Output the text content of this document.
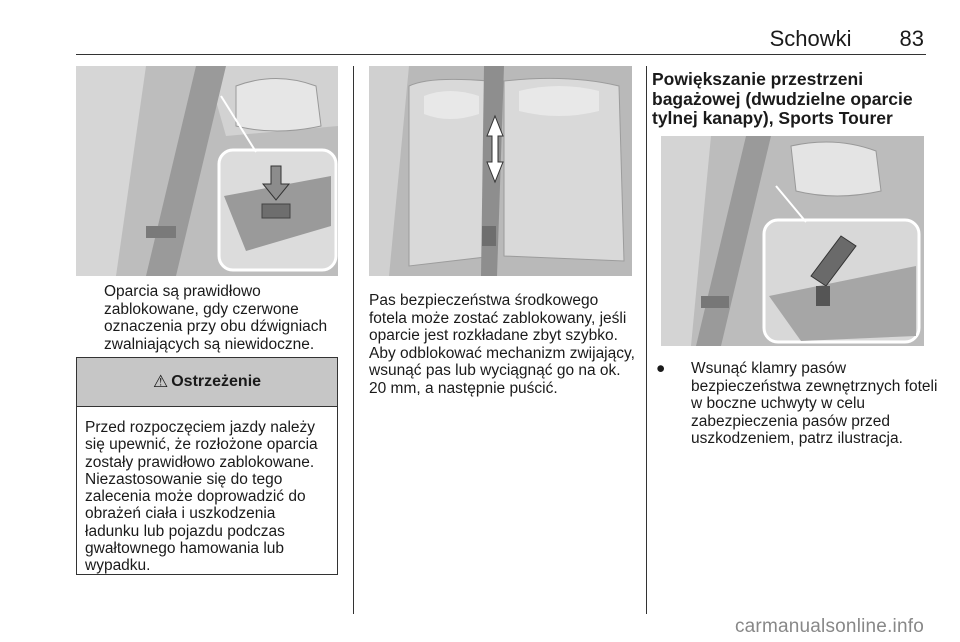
Schowki 83
Oparcia są prawidłowo zablokowane, gdy czerwone oznaczenia przy obu dźwigniach zwalniających są niewidoczne.
⚠ Ostrzeżenie
Przed rozpoczęciem jazdy należy się upewnić, że rozłożone oparcia zostały prawidłowo zablokowane. Niezastosowanie się do tego zalecenia może doprowadzić do obrażeń ciała i uszkodzenia ładunku lub pojazdu podczas gwałtownego hamowania lub wypadku.
Pas bezpieczeństwa środkowego fotela może zostać zablokowany, jeśli oparcie jest rozkładane zbyt szybko. Aby odblokować mechanizm zwijający, wsunąć pas lub wyciągnąć go na ok. 20 mm, a następnie puścić.
Powiększanie przestrzeni bagażowej (dwudzielne oparcie tylnej kanapy), Sports Tourer
● Wsunąć klamry pasów bezpieczeństwa zewnętrznych foteli w boczne uchwyty w celu zabezpieczenia pasów przed uszkodzeniem, patrz ilustracja.
carmanualsonline.info
